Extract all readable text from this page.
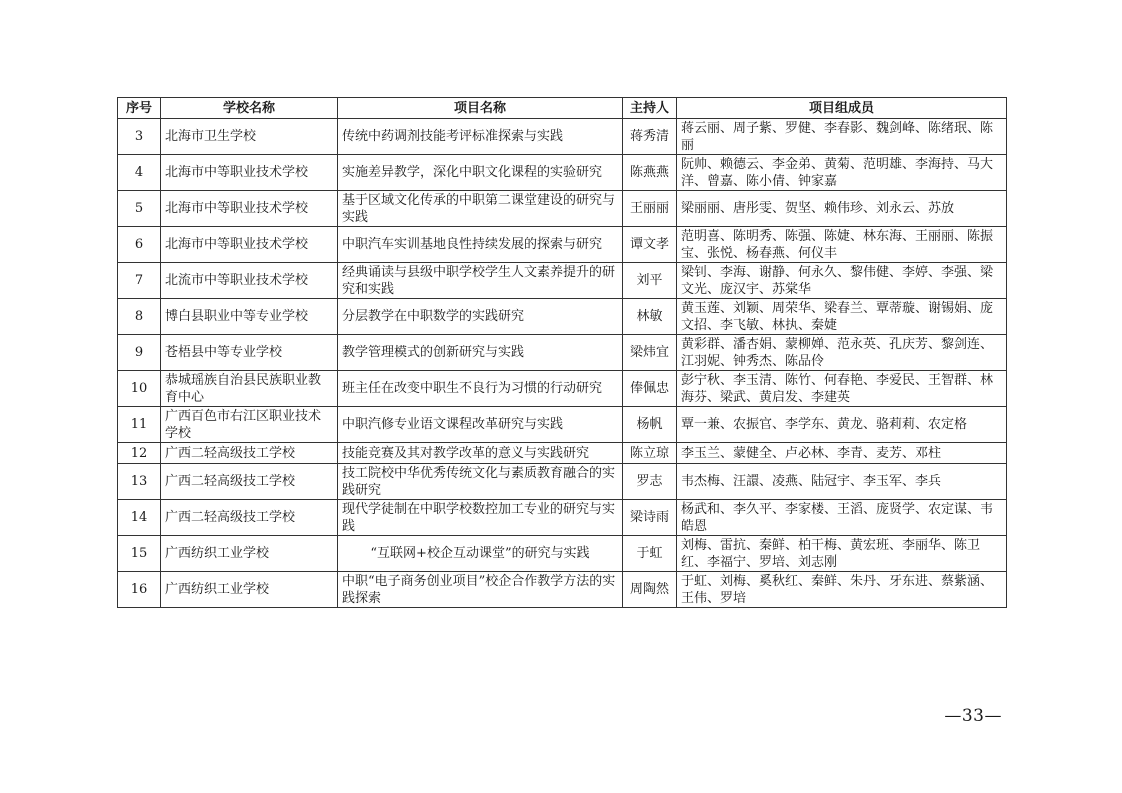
序号	学校名称	项目名称	主持人	项目组成员
3	北海市卫生学校	传统中药调剂技能考评标准探索与实践	蒋秀清	蒋云丽、周子紫、罗健、李春影、魏剑峰、陈绪珉、陈丽
4	北海市中等职业技术学校	实施差异教学，深化中职文化课程的实验研究	陈燕燕	阮帅、赖德云、李金弟、黄菊、范明雄、李海持、马大洋、曾嘉、陈小倩、钟家嘉
5	北海市中等职业技术学校	基于区域文化传承的中职第二课堂建设的研究与实践	王丽丽	梁丽丽、唐彤雯、贺坚、赖伟珍、刘永云、苏放
6	北海市中等职业技术学校	中职汽车实训基地良性持续发展的探索与研究	谭文孝	范明喜、陈明秀、陈强、陈婕、林东海、王丽丽、陈振宝、张悦、杨春燕、何仪丰
7	北流市中等职业技术学校	经典诵读与县级中职学校学生人文素养提升的研究和实践	刘平	梁钊、李海、谢静、何永久、黎伟健、李婷、李强、梁文光、庞汉宇、苏棠华
8	博白县职业中等专业学校	分层教学在中职数学的实践研究	林敏	黄玉莲、刘颖、周荣华、梁春兰、覃蒂璇、谢锡娟、庞文招、李飞敏、林执、秦婕
9	苍梧县中等专业学校	教学管理模式的创新研究与实践	梁炜宜	黄彩群、潘杏娟、蒙柳婵、范永英、孔庆芳、黎剑连、江羽妮、钟秀杰、陈品伶
10	恭城瑶族自治县民族职业教育中心	班主任在改变中职生不良行为习惯的行动研究	俸佩忠	彭宁秋、李玉清、陈竹、何春艳、李爱民、王智群、林海芬、梁武、黄启发、李建英
11	广西百色市右江区职业技术学校	中职汽修专业语文课程改革研究与实践	杨帆	覃一兼、农振官、李学东、黄龙、骆莉莉、农定格
12	广西二轻高级技工学校	技能竞赛及其对教学改革的意义与实践研究	陈立琼	李玉兰、蒙健全、卢必林、李青、麦芳、邓柱
13	广西二轻高级技工学校	技工院校中华优秀传统文化与素质教育融合的实践研究	罗志	韦杰梅、汪譞、凌燕、陆冠宇、李玉军、李兵
14	广西二轻高级技工学校	现代学徒制在中职学校数控加工专业的研究与实践	梁诗雨	杨武和、李久平、李家楼、王滔、庞贤学、农定谋、韦皓恩
15	广西纺织工业学校	“互联网+校企互动课堂”的研究与实践	于虹	刘梅、雷抗、秦鲜、柏干梅、黄宏班、李丽华、陈卫红、李福宁、罗培、刘志刚
16	广西纺织工业学校	中职“电子商务创业项目”校企合作教学方法的实践探索	周陶然	于虹、刘梅、奚秋红、秦鲜、朱丹、牙东进、蔡紫涵、王伟、罗培
—33—
